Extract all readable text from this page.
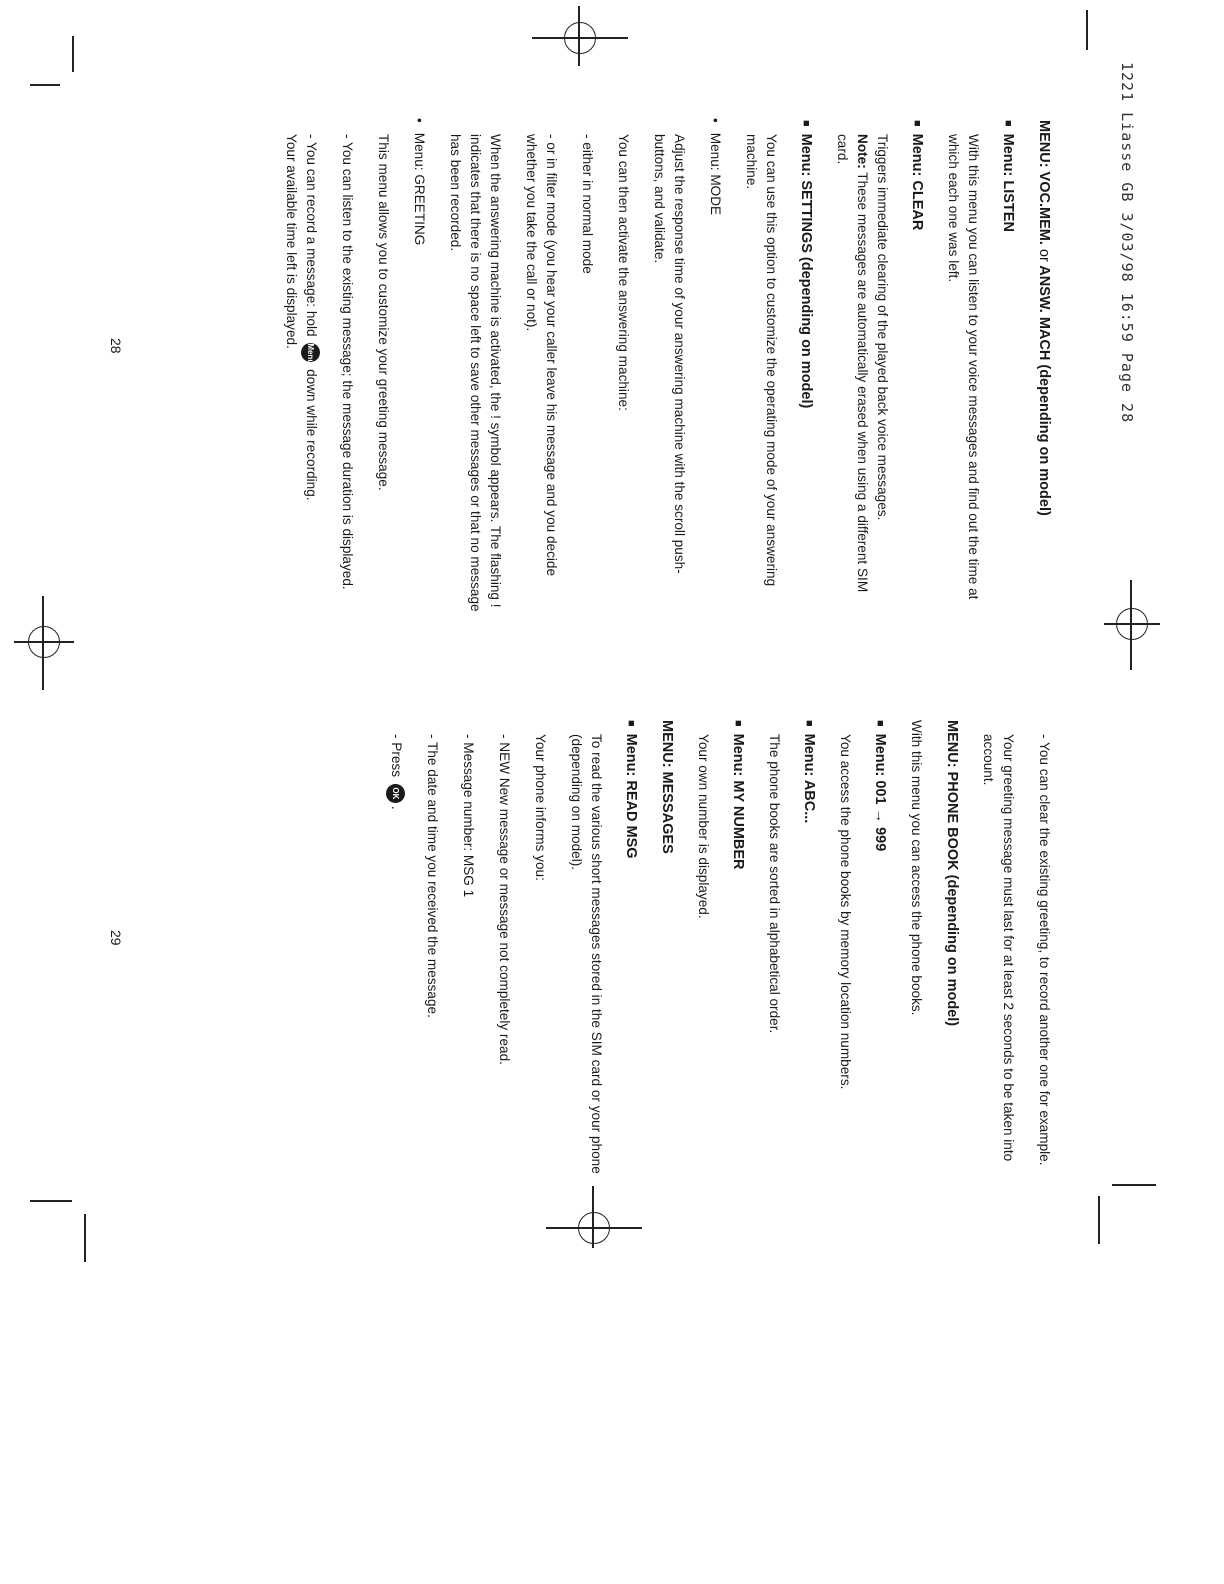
1221 Liasse GB 3/03/98 16:59 Page 28
MENU: VOC.MEM. or ANSW. MACH (depending on model)
■ Menu: LISTEN

With this menu you can listen to your voice messages and find out the time at which each one was left.

■ Menu: CLEAR

Triggers immediate clearing of the played back voice messages.
Note: These messages are automatically erased when using a different SIM card.

■ Menu: SETTINGS (depending on model)

You can use this option to customize the operating mode of your answering machine.

• Menu: MODE

Adjust the response time of your answering machine with the scroll push-buttons, and validate.

You can then activate the answering machine:

- either in normal mode

- or in filter mode (you hear your caller leave his message and you decide whether you take the call or not).

When the answering machine is activated, the ! symbol appears. The flashing ! indicates that there is no space left to save other messages or that no message has been recorded.

• Menu: GREETING

This menu allows you to customize your greeting message.

- You can listen to the existing message; the message duration is displayed.

- You can record a message: hold Menu down while recording.
Your available time left is displayed.

28

- You can clear the existing greeting, to record another one for example.

Your greeting message must last for at least 2 seconds to be taken into account.

MENU: PHONE BOOK (depending on model)

With this menu you can access the phone books.

■ Menu: 001 → 999

You access the phone books by memory location numbers.

■ Menu: ABC...

The phone books are sorted in alphabetical order.

■ Menu: MY NUMBER

Your own number is displayed.

MENU: MESSAGES
■ Menu: READ MSG

To read the various short messages stored in the SIM card or your phone (depending on model).

Your phone informs you:

- NEW New message or message not completely read.

- Message number: MSG 1

- The date and time you received the message.

- Press OK.

29
